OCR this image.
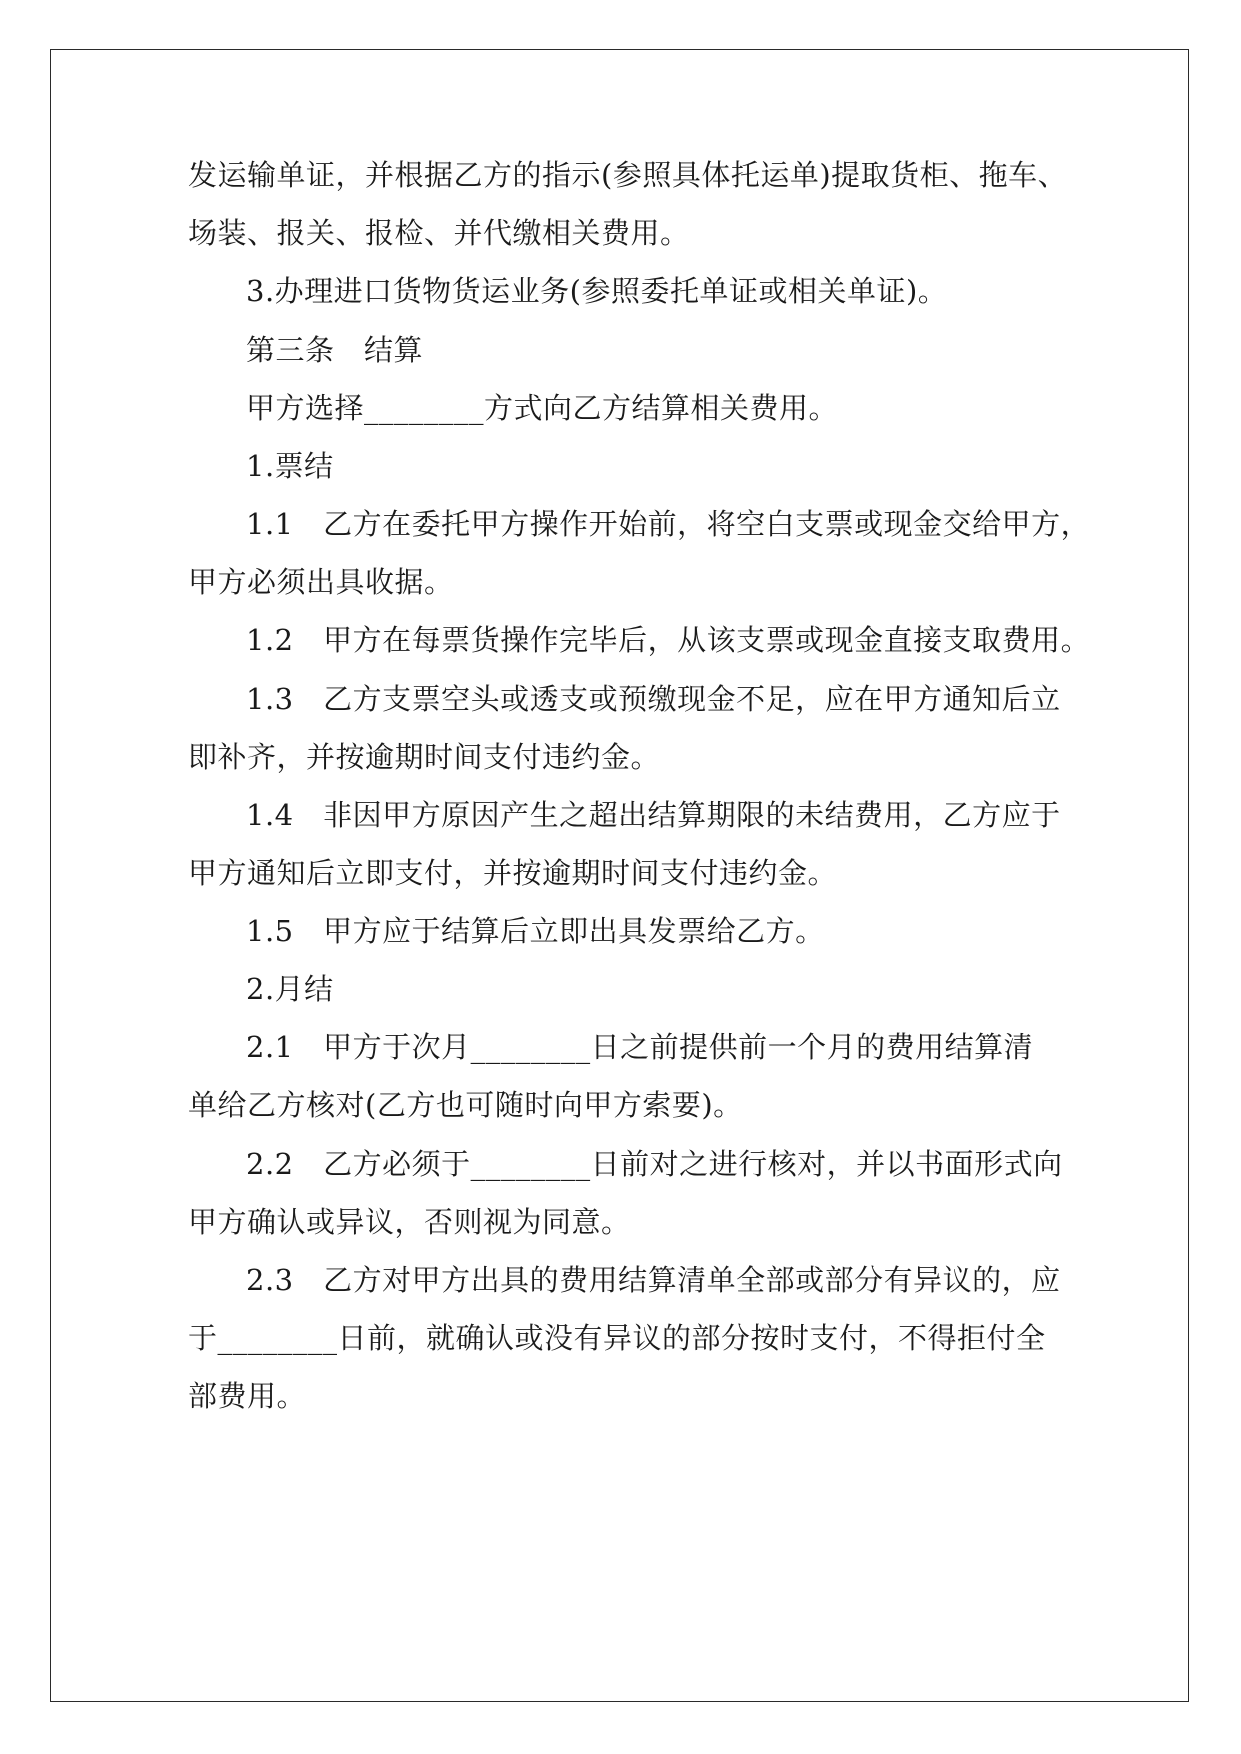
发运输单证，并根据乙方的指示(参照具体托运单)提取货柜、拖车、
场装、报关、报检、并代缴相关费用。
3.办理进口货物货运业务(参照委托单证或相关单证)。
第三条　结算
甲方选择________方式向乙方结算相关费用。
1.票结
1.1　乙方在委托甲方操作开始前，将空白支票或现金交给甲方，
甲方必须出具收据。
1.2　甲方在每票货操作完毕后，从该支票或现金直接支取费用。
1.3　乙方支票空头或透支或预缴现金不足，应在甲方通知后立
即补齐，并按逾期时间支付违约金。
1.4　非因甲方原因产生之超出结算期限的未结费用，乙方应于
甲方通知后立即支付，并按逾期时间支付违约金。
1.5　甲方应于结算后立即出具发票给乙方。
2.月结
2.1　甲方于次月________日之前提供前一个月的费用结算清
单给乙方核对(乙方也可随时向甲方索要)。
2.2　乙方必须于________日前对之进行核对，并以书面形式向
甲方确认或异议，否则视为同意。
2.3　乙方对甲方出具的费用结算清单全部或部分有异议的，应
于________日前，就确认或没有异议的部分按时支付，不得拒付全
部费用。
